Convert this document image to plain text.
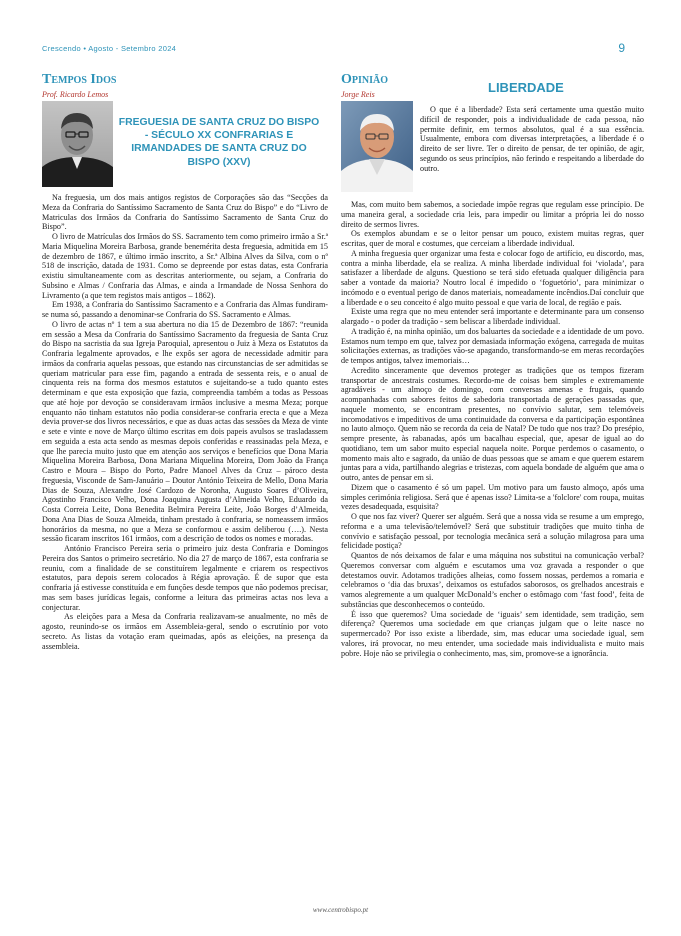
Crescendo • Agosto - Setembro 2024	9
Tempos Idos
Prof. Ricardo Lemos
FREGUESIA DE SANTA CRUZ DO BISPO - SÉCULO XX CONFRARIAS E IRMANDADES DE SANTA CRUZ DO BISPO (XXV)

Na freguesia, um dos mais antigos registos de Corporações são das “Secções da Meza da Confraria do Santíssimo Sacramento de Santa Cruz do Bispo” e do “Livro de Matriculas dos Irmãos da Confraria do Santíssimo Sacramento de Santa Cruz do Bispo”.

O livro de Matrículas dos Irmãos do SS. Sacramento tem como primeiro irmão a Sr.ª Maria Miquelina Moreira Barbosa, grande benemérita desta freguesia, admitida em 15 de dezembro de 1867, e último irmão inscrito, a Sr.ª Albina Alves da Silva, com o nº 518 de inscrição, datada de 1931. Como se depreende por estas datas, esta Confraria existiu simultaneamente com as descritas anteriormente, ou sejam, a Confraria do Subsino e Almas / Confraria das Almas, e ainda a Irmandade de Nossa Senhora do Livramento (a que tem registos mais antigos – 1862).

Em 1938, a Confraria do Santíssimo Sacramento e a Confraria das Almas fundiram-se numa só, passando a denominar-se Confraria do SS. Sacramento e Almas.

O livro de actas nº 1 tem a sua abertura no dia 15 de Dezembro de 1867: “reunida em sessão a Mesa da Confraria do Santíssimo Sacramento da freguesia de Santa Cruz do Bispo na sacristia da sua Igreja Paroquial, apresentou o Juiz à Meza os Estatutos da Confraria legalmente aprovados, e lhe expôs ser agora de necessidade admitir para irmãos da confraria aquelas pessoas, que estando nas circunstancias de ser admitidas se queriam matricular para esse fim, pagando a entrada de sessenta reis, e o anual de cinquenta reis na forma dos mesmos estatutos e sujeitando-se a tudo quanto estes determinam e que esta exposição que fazia, compreendia também a todas as Pessoas que até hoje por devoção se consideravam irmãos inclusive a mesma Meza; porque enquanto não tinham estatutos não podia considerar-se confraria erecta e que a Meza devia prover-se dos livros necessários, e que as duas actas das sessões da Meza de vinte e sete e vinte e nove de Março último escritas em dois papeis avulsos se trasladassem em seguida a esta acta sendo as mesmas depois conferidas e reassinadas pela Meza, e que lhe parecia muito justo que em atenção aos serviços e benefícios que Dona Maria Miquelina Moreira Barbosa, Dona Mariana Miquelina Moreira, Dom João da França Castro e Moura – Bispo do Porto, Padre Manoel Alves da Cruz – pároco desta freguesia, Visconde de Sam-Januário – Doutor António Teixeira de Mello, Dona Maria Dias de Souza, Alexandre José Cardozo de Noronha, Augusto Soares d’Oliveira, Agostinho Francisco Velho, Dona Joaquina Augusta d’Almeida Velho, Eduardo da Costa Correia Leite, Dona Benedita Belmira Pereira Leite, João Borges d’Almeida, Dona Ana Dias de Souza Almeida, tinham prestado à confraria, se nomeassem irmãos honorários da mesma, no que a Meza se conformou e assim deliberou (….). Nesta sessão ficaram inscritos 161 irmãos, com a descrição de todos os nomes e moradas.

António Francisco Pereira seria o primeiro juiz desta Confraria e Domingos Pereira dos Santos o primeiro secretário. No dia 27 de março de 1867, esta confraria se reuniu, com a finalidade de se constituírem legalmente e criarem os respectivos estatutos, para depois serem colocados à Régia aprovação. É de supor que esta confraria já estivesse constituída e em funções desde tempos que não podemos precisar, mas sem bases jurídicas legais, conforme a leitura das primeiras actas nos leva a conjecturar.

As eleições para a Mesa da Confraria realizavam-se anualmente, no mês de agosto, reunindo-se os irmãos em Assembleia-geral, sendo o escrutínio por voto secreto. As listas da votação eram queimadas, após as eleições, na presença da assembleia.

Opinião
Jorge Reis	LIBERDADE

O que é a liberdade? Esta será certamente uma questão muito difícil de responder, pois a individualidade de cada pessoa, não permite definir, em termos absolutos, qual é a sua essência. Usualmente, embora com diversas interpretações, a liberdade é o direito de ser livre. Ter o direito de pensar, de ter opinião, de agir, segundo os seus princípios, não ferindo e respeitando a liberdade do outro.

Mas, com muito bem sabemos, a sociedade impõe regras que regulam esse princípio. De uma maneira geral, a sociedade cria leis, para impedir ou limitar a própria lei do nosso direito de sermos livres.

Os exemplos abundam e se o leitor pensar um pouco, existem muitas regras, quer escritas, quer de moral e costumes, que cerceiam a liberdade individual.

A minha freguesia quer organizar uma festa e colocar fogo de artifício, eu discordo, mas, contra a minha liberdade, ela se realiza. A minha liberdade individual foi ‘violada’, para satisfazer a liberdade de alguns. Questiono se terá sido efetuada qualquer diligência para saber a vontade da maioria? Noutro local é impedido o ‘foguetório’, para minimizar o incómodo e o eventual perigo de danos materiais, nomeadamente incêndios.Daí concluir que a liberdade e o seu conceito é algo muito pessoal e que varia de local, de região e país.

Existe uma regra que no meu entender será importante e determinante para um consenso alargado - o poder da tradição - sem beliscar a liberdade individual.

A tradição é, na minha opinião, um dos baluartes da sociedade e a identidade de um povo. Estamos num tempo em que, talvez por demasiada informação exógena, carregada de muitas solicitações externas, as tradições vão-se apagando, transformando-se em meras recordações de tempos antigos, talvez imemoriais…

Acredito sinceramente que devemos proteger as tradições que os tempos fizeram transportar de ancestrais costumes. Recordo-me de coisas bem simples e extremamente agradáveis - um almoço de domingo, com conversas amenas e frugais, quando acompanhadas com sabores feitos de sabedoria transportada de gerações passadas que, naquele momento, se encontram presentes, no convívio salutar, sem telemóveis incomodativos e impeditivos de uma continuidade da conversa e da participação espontânea no lauto almoço. Quem não se recorda da ceia de Natal? De tudo que nos traz? Do presépio, sempre presente, às rabanadas, após um bacalhau especial, que, apesar de igual ao do quotidiano, tem um sabor muito especial naquela noite. Porque perdemos o casamento, o momento mais alto e sagrado, da união de duas pessoas que se amam e que querem estarem juntas para a vida, partilhando alegrias e tristezas, com aquela bondade de alguém que ama o outro, antes de pensar em si.

Dizem que o casamento é só um papel. Um motivo para um fausto almoço, após uma simples cerimónia religiosa. Será que é apenas isso? Limita-se a 'folclore' com roupa, muitas vezes desadequada, esquisita?

O que nos faz viver? Querer ser alguém. Será que a nossa vida se resume a um emprego, reforma e a uma televisão/telemóvel? Será que substituir tradições que muito tinha de convívio e satisfação pessoal, por tecnologia mecânica será a solução milagrosa para uma felicidade postiça?

Quantos de nós deixamos de falar e uma máquina nos substitui na comunicação verbal? Queremos conversar com alguém e escutamos uma voz gravada a responder o que detestamos ouvir. Adotamos tradições alheias, como fossem nossas, perdemos a romaria e celebramos o ‘dia das bruxas’, deixamos os estufados saborosos, os grelhados ancestrais e vamos alegremente a um qualquer McDonald’s encher o estômago com ‘fast food’, feita de substâncias que desconhecemos o conteúdo.

É isso que queremos? Uma sociedade de ‘iguais’ sem identidade, sem tradição, sem diferença? Queremos uma sociedade em que crianças julgam que o leite nasce no supermercado? Por isso existe a liberdade, sim, mas educar uma sociedade igual, sem valores, irá provocar, no meu entender, uma sociedade mais individualista e muito mais pobre. Hoje não se privilegia o conhecimento, mas, sim, promove-se a ignorância.

www.centrobispo.pt
